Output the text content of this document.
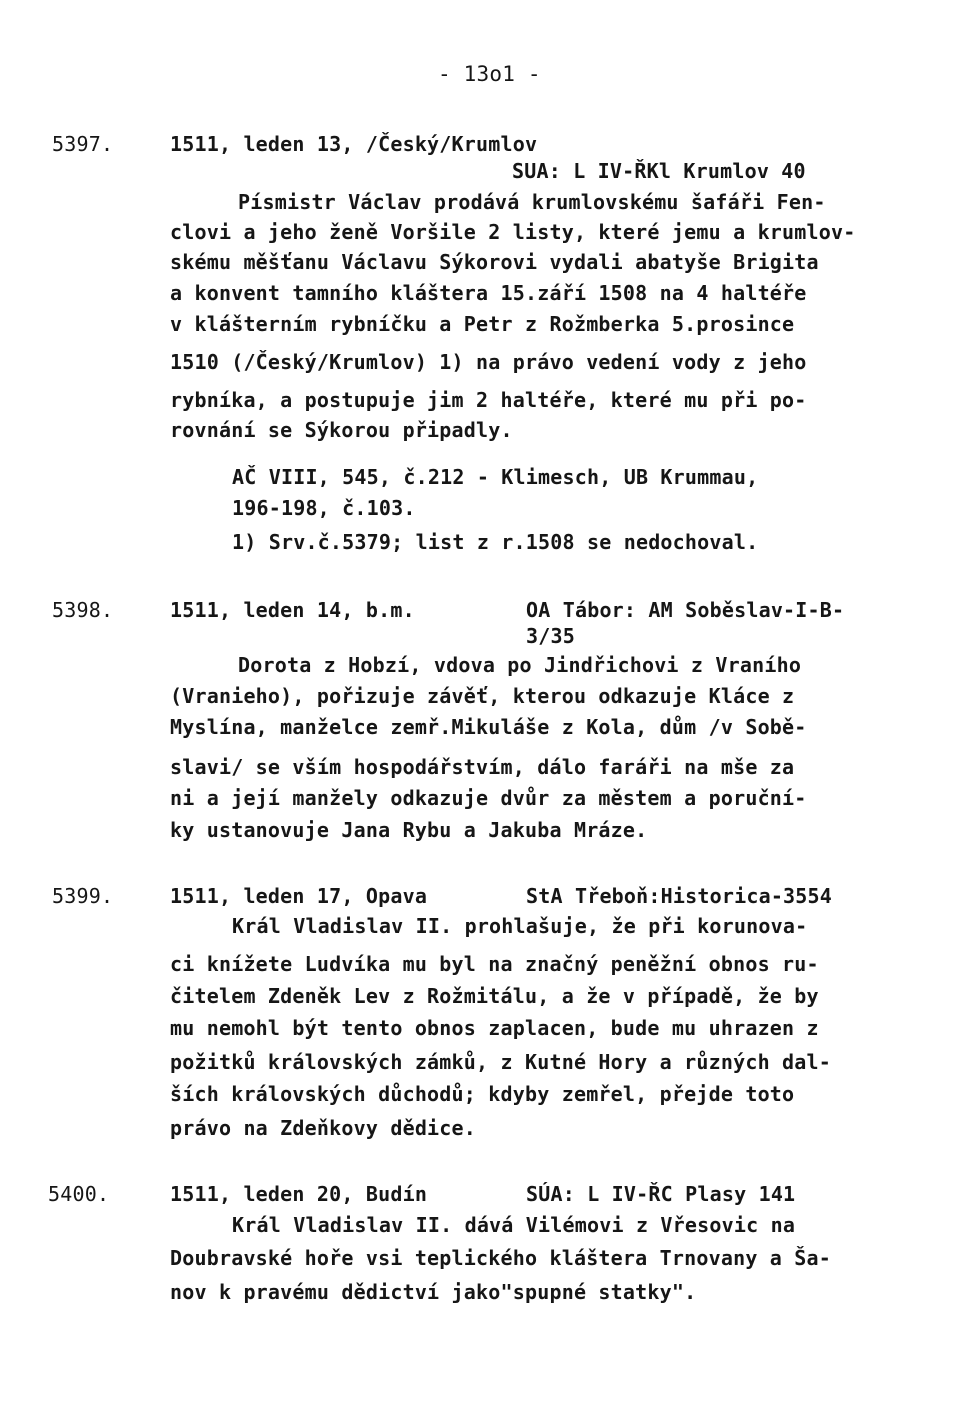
- 13o1 -
5397.	1511, leden 13, /Český/Krumlov
SUA: L IV-ŘKl Krumlov 40
Písmistr Václav prodává krumlovskému šafáři Fen-
clovi a jeho ženě Voršile 2 listy, které jemu a krumlov-
skému měšťanu Václavu Sýkorovi vydali abatyše Brigita
a konvent tamního kláštera 15.září 1508 na 4 haltéře
v klášterním rybníčku a Petr z Rožmberka 5.prosince
1510 (/Český/Krumlov) 1) na právo vedení vody z jeho
rybníka, a postupuje jim 2 haltéře, které mu při po-
rovnání se Sýkorou připadly.
AČ VIII, 545, č.212 - Klimesch, UB Krummau,
196-198, č.103.
1) Srv.č.5379; list z r.1508 se nedochoval.
5398.	1511, leden 14, b.m.	OA Tábor: AM Soběslav-I-B-
3/35
Dorota z Hobzí, vdova po Jindřichovi z Vraního
(Vranieho), pořizuje závěť, kterou odkazuje Kláce z
Myslína, manželce zemř.Mikuláše z Kola, dům /v Sobě-
slavi/ se vším hospodářstvím, dálo faráři na mše za
ni a její manžely odkazuje dvůr za městem a poruční-
ky ustanovuje Jana Rybu a Jakuba Mráze.
5399.	1511, leden 17, Opava	StA Třeboň:Historica-3554
Král Vladislav II. prohlašuje, že při korunova-
ci knížete Ludvíka mu byl na značný peněžní obnos ru-
čitelem Zdeněk Lev z Rožmitálu, a že v případě, že by
mu nemohl být tento obnos zaplacen, bude mu uhrazen z
požitků královských zámků, z Kutné Hory a různých dal-
ších královských důchodů; kdyby zemřel, přejde toto
právo na Zdeňkovy dědice.
5400.	1511, leden 20, Budín	SÚA: L IV-ŘC Plasy 141
Král Vladislav II. dává Vilémovi z Vřesovic na
Doubravské hoře vsi teplického kláštera Trnovany a Ša-
nov k pravému dědictví jako"spupné statky".
